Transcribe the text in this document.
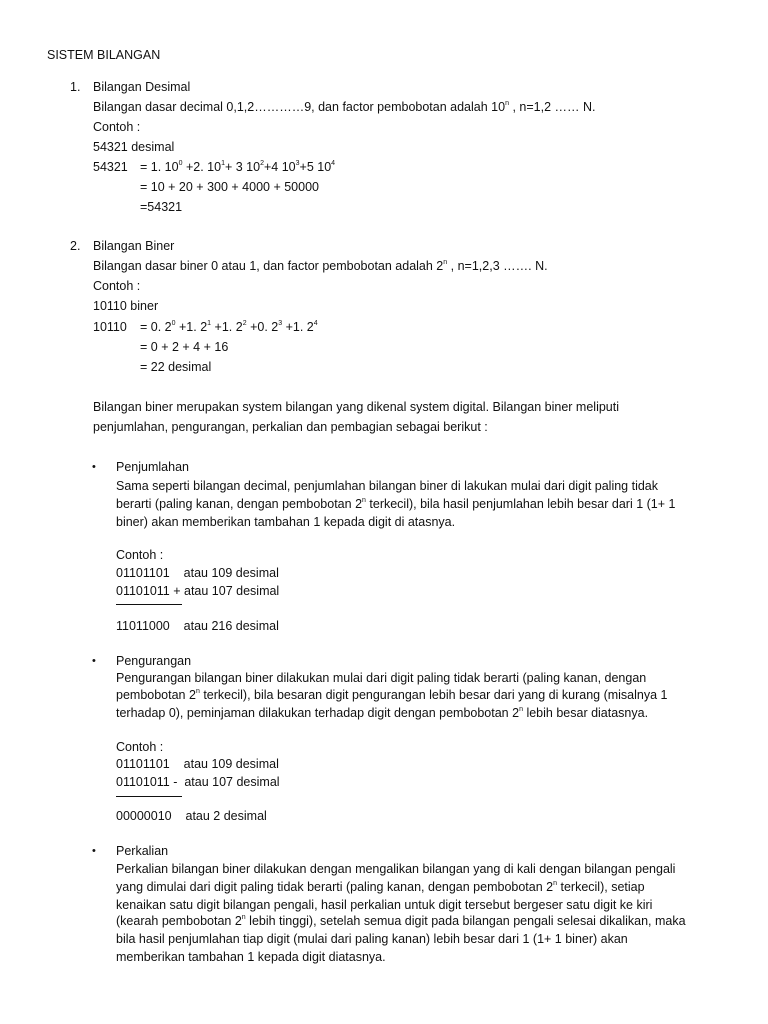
SISTEM BILANGAN
1. Bilangan Desimal
Bilangan dasar decimal 0,1,2…………9, dan factor pembobotan adalah 10$^n$ , n=1,2 …… N.
Contoh :
54321 desimal
54321 = 1. $10^0 +2$. $10^1+ 3$ $10^2+4$ $10^3+5$ $10^4$
= 10 + 20 + 300 + 4000 + 50000
=54321
2. Bilangan Biner
Bilangan dasar biner 0 atau 1, dan factor pembobotan adalah 2$^n$ , n=1,2,3 ……. N.
Contoh :
10110 biner
10110 = 0. $2^0 +1$. $2^1 +1$. $2^2 +0$. $2^3 +1$. $2^4$
= 0 + 2 + 4 + 16
= 22 desimal
Bilangan biner merupakan system bilangan yang dikenal system digital. Bilangan biner meliputi
penjumlahan, pengurangan, perkalian dan pembagian sebagai berikut :
• Penjumlahan
Sama seperti bilangan decimal, penjumlahan bilangan biner di lakukan mulai dari digit paling tidak
berarti (paling kanan, dengan pembobotan 2$^n$ terkecil), bila hasil penjumlahan lebih besar dari 1 (1+ 1
biner) akan memberikan tambahan 1 kepada digit di atasnya.
Contoh :
01101101    atau 109 desimal
01101011 + atau 107 desimal
11011000    atau 216 desimal
• Pengurangan
Pengurangan bilangan biner dilakukan mulai dari digit paling tidak berarti (paling kanan, dengan
pembobotan 2$^n$ terkecil), bila besaran digit pengurangan lebih besar dari yang di kurang (misalnya 1
terhadap 0), peminjaman dilakukan terhadap digit dengan pembobotan 2$^n$ lebih besar diatasnya.
Contoh :
01101101    atau 109 desimal
01101011 -  atau 107 desimal
00000010    atau 2 desimal
• Perkalian
Perkalian bilangan biner dilakukan dengan mengalikan bilangan yang di kali dengan bilangan pengali
yang dimulai dari digit paling tidak berarti (paling kanan, dengan pembobotan 2$^n$ terkecil), setiap
kenaikan satu digit bilangan pengali, hasil perkalian untuk digit tersebut bergeser satu digit ke kiri
(kearah pembobotan 2$^n$ lebih tinggi), setelah semua digit pada bilangan pengali selesai dikalikan, maka
bila hasil penjumlahan tiap digit (mulai dari paling kanan) lebih besar dari 1 (1+ 1 biner) akan
memberikan tambahan 1 kepada digit diatasnya.
